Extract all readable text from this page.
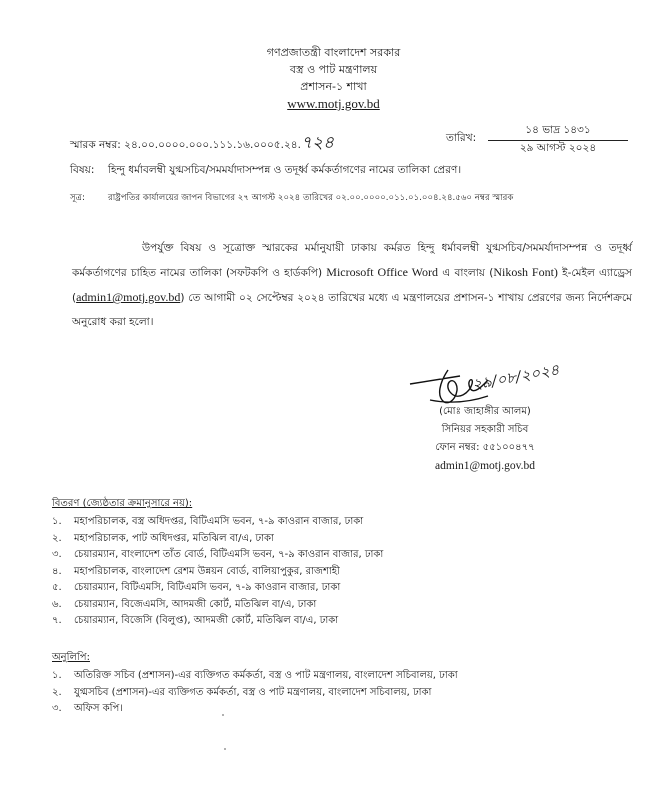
গণপ্রজাতন্ত্রী বাংলাদেশ সরকার
বস্ত্র ও পাট মন্ত্রণালয়
প্রশাসন-১ শাখা
www.motj.gov.bd
স্মারক নম্বর: ২৪.০০.০০০০.০০০.১১১.১৬.০০০৫.২৪.৭২৪	তারিখ:
১৪ ভাদ্র ১৪৩১
২৯ আগস্ট ২০২৪
বিষয়: হিন্দু ধর্মাবলম্বী যুগ্মসচিব/সমমর্যাদাসম্পন্ন ও তদূর্ধ্ব কর্মকর্তাগণের নামের তালিকা প্রেরণ।
সূত্র:	রাষ্ট্রপতির কার্যালয়ের জাপন বিভাগের ২৭ আগস্ট ২০২৪ তারিখের ০২.০০.০০০০.০১১.০১.০০৪.২৪.৫৬০ নম্বর স্মারক
উপর্যুক্ত বিষয় ও সূত্রোক্ত স্মারকের মর্মানুযায়ী ঢাকায় কর্মরত হিন্দু ধর্মাবলম্বী যুগ্মসচিব/সমমর্যাদাসম্পন্ন ও তদূর্ধ্ব কর্মকর্তাগণের চাহিত নামের তালিকা (সফটকপি ও হার্ডকপি) Microsoft Office Word এ বাংলায় (Nikosh Font) ই-মেইল এ্যাড্রেস (admin1@motj.gov.bd) তে আগামী ০২ সেপ্টেম্বর ২০২৪ তারিখের মধ্যে এ মন্ত্রণালয়ের প্রশাসন-১ শাখায় প্রেরণের জন্য নির্দেশক্রমে অনুরোধ করা হলো।
২৯/০৮/২০২৪
(মোঃ জাহাঙ্গীর আলম)
সিনিয়র সহকারী সচিব
ফোন নম্বর: ৫৫১০০৪৭৭
admin1@motj.gov.bd
বিতরণ (জ্যেষ্ঠতার ক্রমানুসারে নয়):
১. মহাপরিচালক, বস্ত্র অধিদপ্তর, বিটিএমসি ভবন, ৭-৯ কাওরান বাজার, ঢাকা
২. মহাপরিচালক, পাট অধিদপ্তর, মতিঝিল বা/এ, ঢাকা
৩. চেয়ারম্যান, বাংলাদেশ তাঁত বোর্ড, বিটিএমসি ভবন, ৭-৯ কাওরান বাজার, ঢাকা
৪. মহাপরিচালক, বাংলাদেশ রেশম উন্নয়ন বোর্ড, বালিয়াপুকুর, রাজশাহী
৫. চেয়ারম্যান, বিটিএমসি, বিটিএমসি ভবন, ৭-৯ কাওরান বাজার, ঢাকা
৬. চেয়ারম্যান, বিজেএমসি, আদমজী কোর্ট, মতিঝিল বা/এ, ঢাকা
৭. চেয়ারম্যান, বিজেসি (বিলুপ্ত), আদমজী কোর্ট, মতিঝিল বা/এ, ঢাকা
অনুলিপি:
১. অতিরিক্ত সচিব (প্রশাসন)-এর ব্যক্তিগত কর্মকর্তা, বস্ত্র ও পাট মন্ত্রণালয়, বাংলাদেশ সচিবালয়, ঢাকা
২. যুগ্মসচিব (প্রশাসন)-এর ব্যক্তিগত কর্মকর্তা, বস্ত্র ও পাট মন্ত্রণালয়, বাংলাদেশ সচিবালয়, ঢাকা
৩. অফিস কপি।
